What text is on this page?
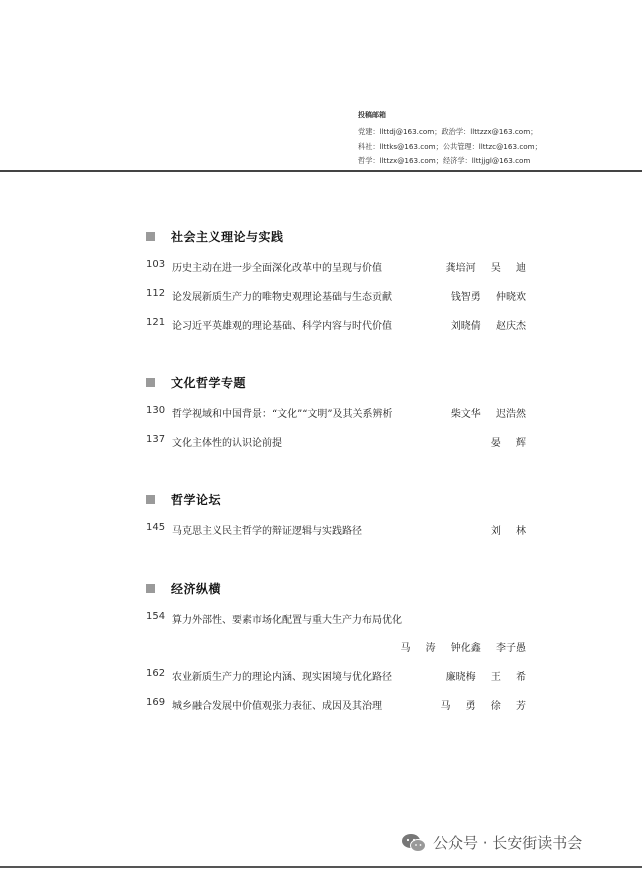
投稿邮箱
党建：llttdj@163.com；政治学：llttzzx@163.com；
科社：llttks@163.com；公共管理：llttzc@163.com；
哲学：llttzx@163.com；经济学：llttjjgl@163.com
社会主义理论与实践
103 历史主动在进一步全面深化改革中的呈现与价值	龚培河 吴 迪
112 论发展新质生产力的唯物史观理论基础与生态贡献	钱智勇 仲晓欢
121 论习近平英雄观的理论基础、科学内容与时代价值	刘晓倩 赵庆杰
文化哲学专题
130 哲学视域和中国背景：“文化”“文明”及其关系辨析	柴文华 迟浩然
137 文化主体性的认识论前提	晏 辉
哲学论坛
145 马克思主义民主哲学的辩证逻辑与实践路径	刘 林
经济纵横
154 算力外部性、要素市场化配置与重大生产力布局优化
马 涛 钟化鑫 李子愚
162 农业新质生产力的理论内涵、现实困境与优化路径	廉晓梅 王 希
169 城乡融合发展中价值观张力表征、成因及其治理	马 勇 徐 芳
公众号 · 长安街读书会
